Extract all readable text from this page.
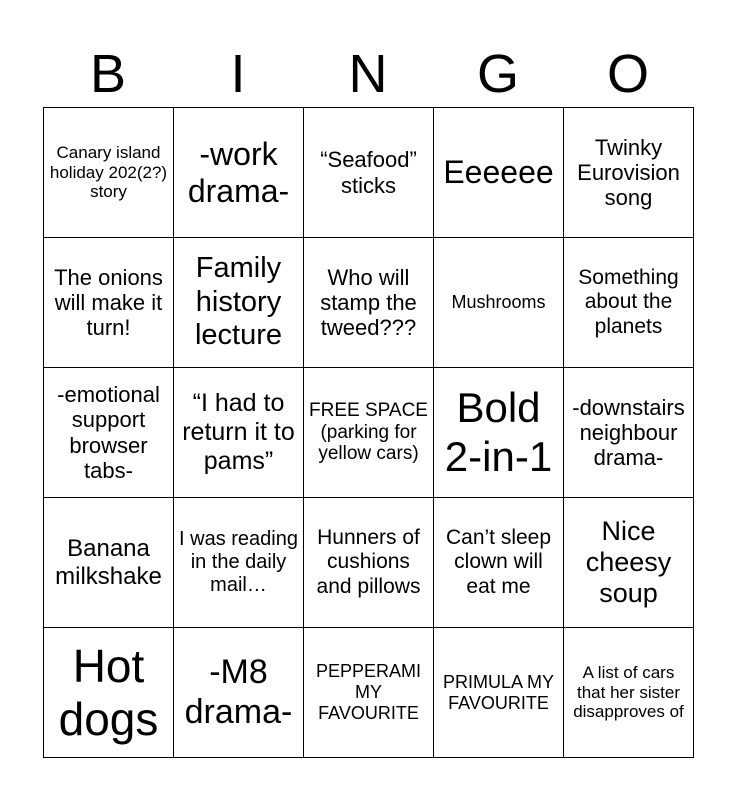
B	I	N	G	O
Canary island holiday 202(2?) story	-work drama-	“Seafood” sticks	Eeeeee	Twinky Eurovision song
The onions will make it turn!	Family history lecture	Who will stamp the tweed???	Mushrooms	Something about the planets
-emotional support browser tabs-	“I had to return it to pams”	FREE SPACE (parking for yellow cars)	Bold 2-in-1	-downstairs neighbour drama-
Banana milkshake	I was reading in the daily mail…	Hunners of cushions and pillows	Can’t sleep clown will eat me	Nice cheesy soup
Hot dogs	-M8 drama-	PEPPERAMI MY FAVOURITE	PRIMULA MY FAVOURITE	A list of cars that her sister disapproves of
